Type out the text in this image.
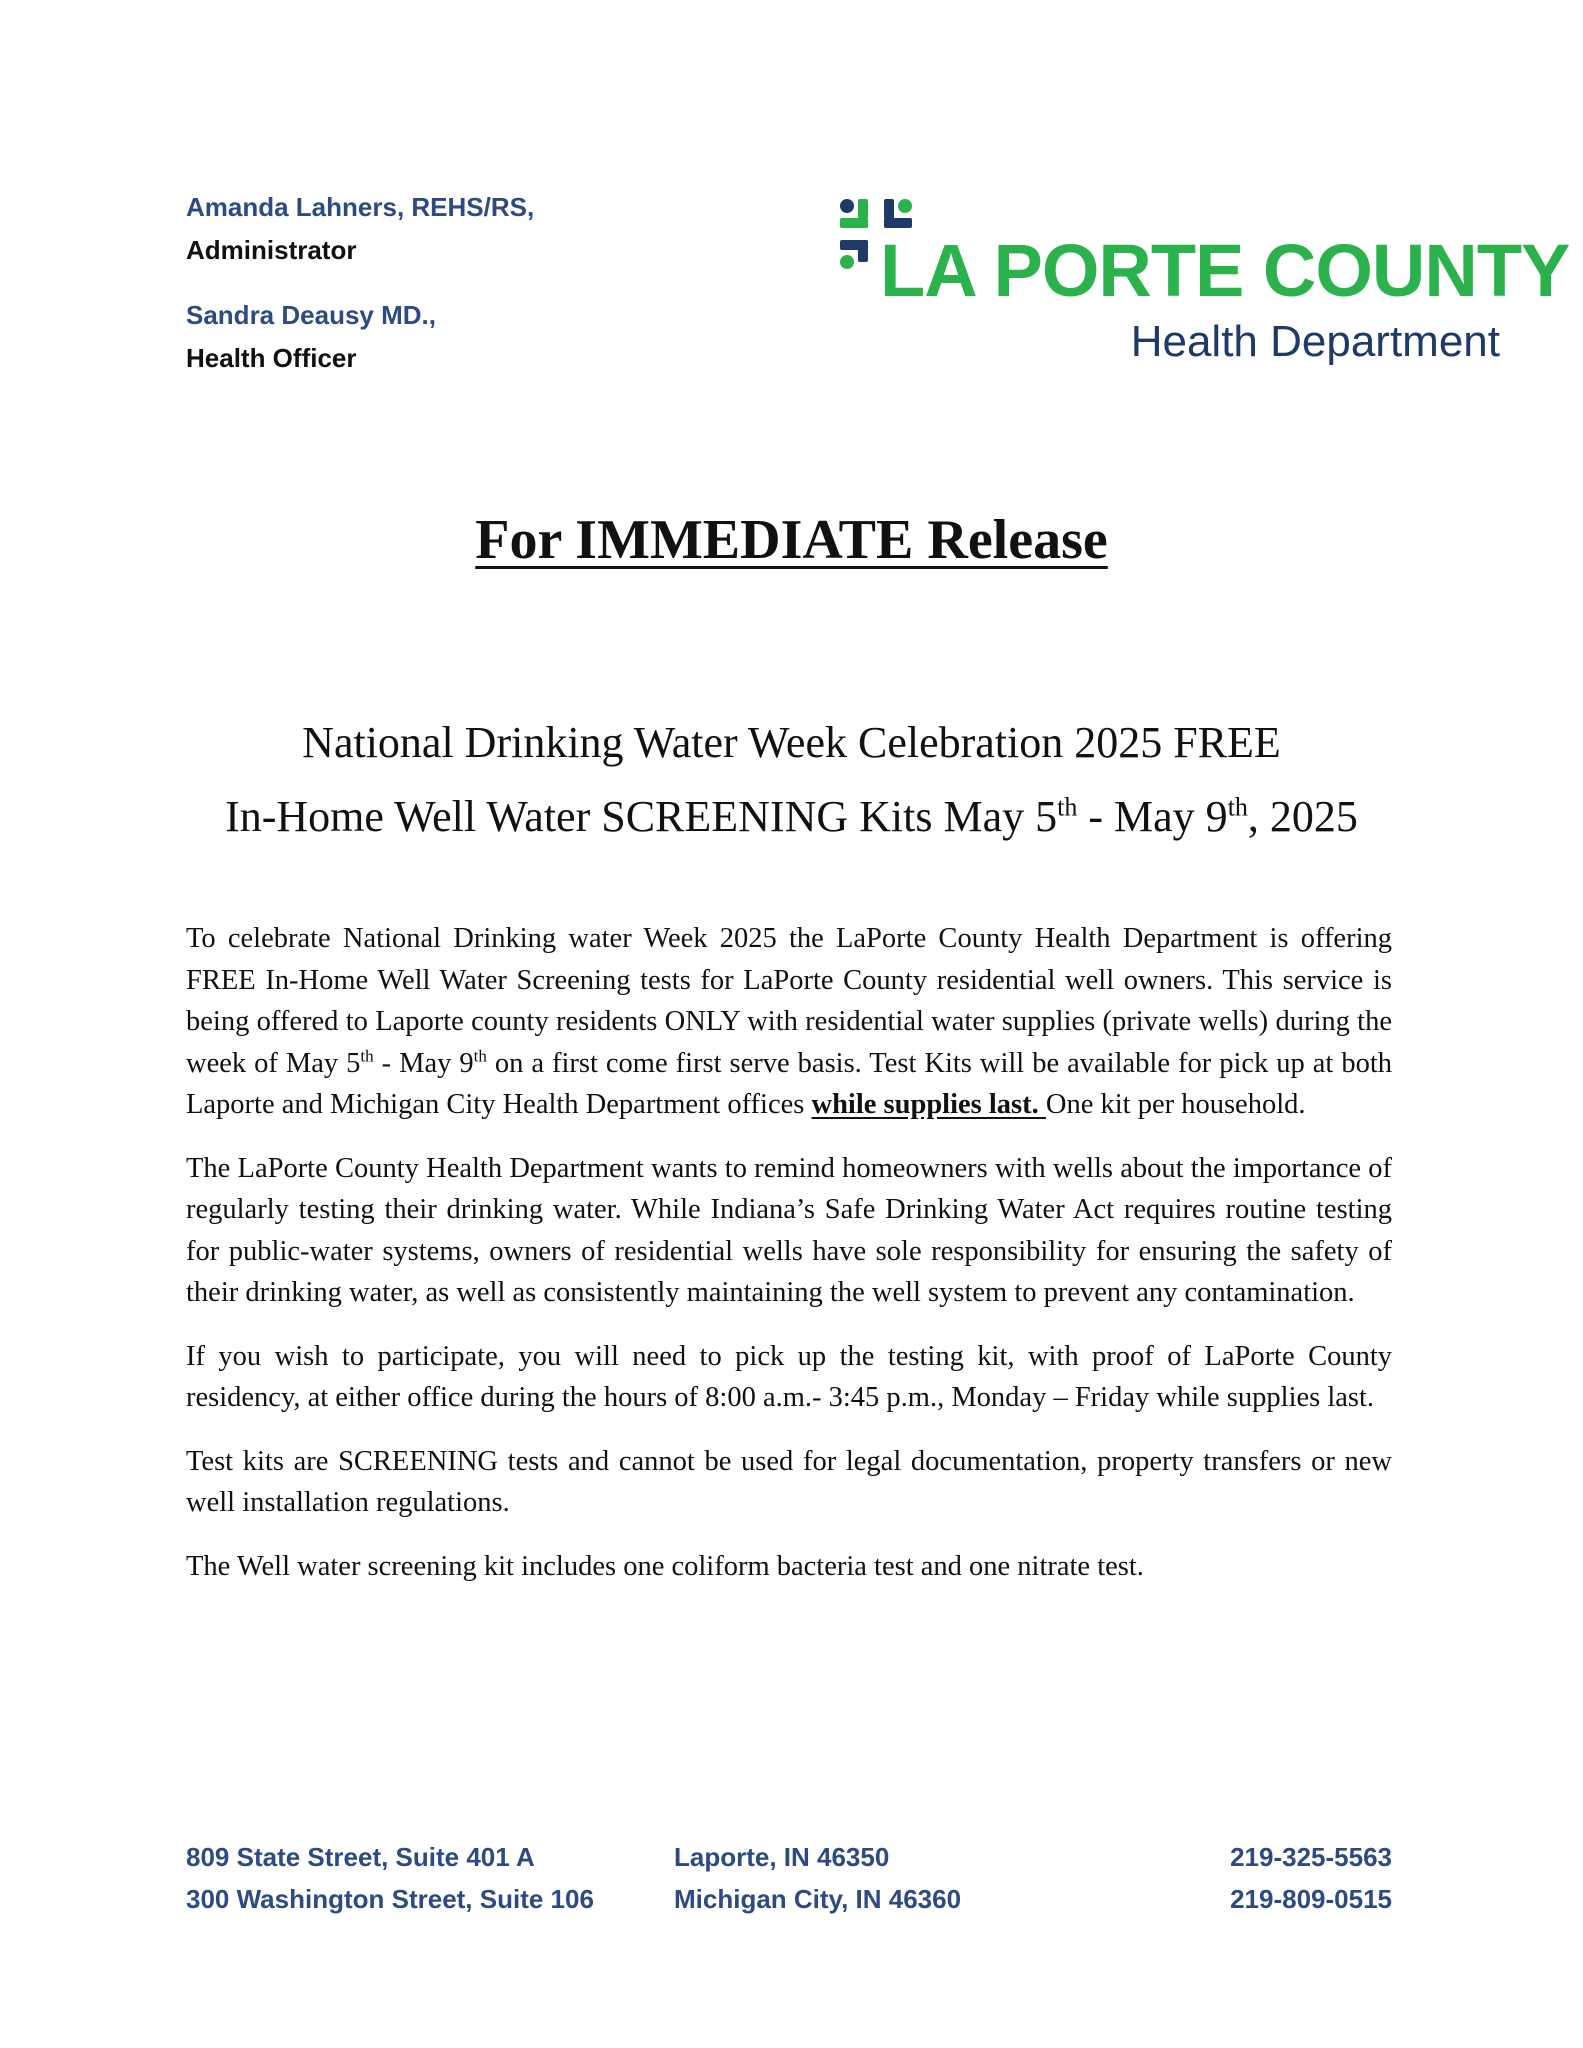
Amanda Lahners, REHS/RS,
Administrator
Sandra Deausy MD.,
Health Officer
LA PORTE COUNTY
Health Department
For IMMEDIATE Release
National Drinking Water Week Celebration 2025 FREE
In-Home Well Water SCREENING Kits May 5th - May 9th, 2025

To celebrate National Drinking water Week 2025 the LaPorte County Health Department is offering FREE In-Home Well Water Screening tests for LaPorte County residential well owners. This service is being offered to Laporte county residents ONLY with residential water supplies (private wells) during the week of May 5th - May 9th on a first come first serve basis. Test Kits will be available for pick up at both Laporte and Michigan City Health Department offices while supplies last. One kit per household.

The LaPorte County Health Department wants to remind homeowners with wells about the importance of regularly testing their drinking water. While Indiana’s Safe Drinking Water Act requires routine testing for public-water systems, owners of residential wells have sole responsibility for ensuring the safety of their drinking water, as well as consistently maintaining the well system to prevent any contamination.

If you wish to participate, you will need to pick up the testing kit, with proof of LaPorte County residency, at either office during the hours of 8:00 a.m.- 3:45 p.m., Monday – Friday while supplies last.

Test kits are SCREENING tests and cannot be used for legal documentation, property transfers or new well installation regulations.

The Well water screening kit includes one coliform bacteria test and one nitrate test.

809 State Street, Suite 401 A	Laporte, IN 46350	219-325-5563
300 Washington Street, Suite 106	Michigan City, IN 46360	219-809-0515
